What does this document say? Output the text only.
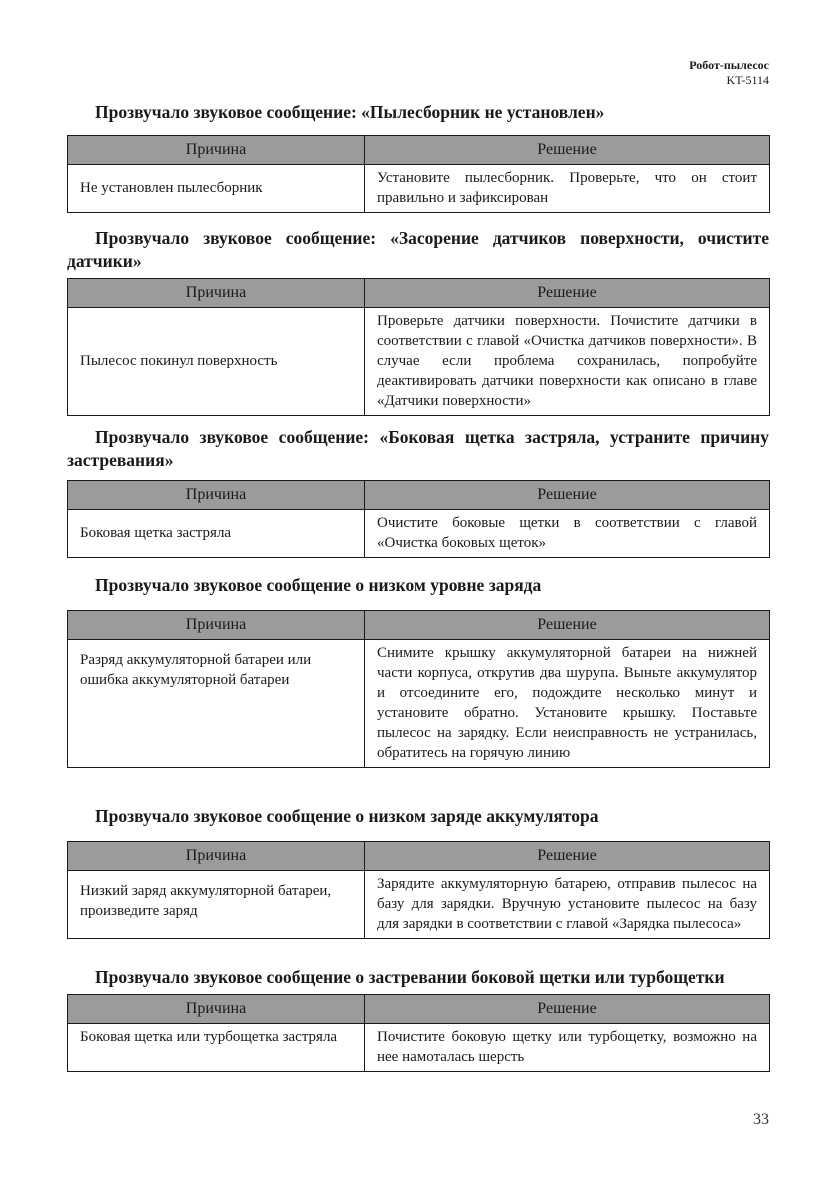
Робот-пылесос
KT-5114

Прозвучало звуковое сообщение: «Пылесборник не установлен»

Причина	Решение
Не установлен пылесборник	Установите пылесборник. Проверьте, что он стоит правильно и зафиксирован

Прозвучало звуковое сообщение: «Засорение датчиков поверхности, очистите датчики»

Причина	Решение
Пылесос покинул поверхность	Проверьте датчики поверхности. Почистите датчики в соответствии с главой «Очистка датчиков поверхности». В случае если проблема сохранилась, попробуйте деактивировать датчики поверхности как описано в главе «Датчики поверхности»

Прозвучало звуковое сообщение: «Боковая щетка застряла, устраните причину застревания»

Причина	Решение
Боковая щетка застряла	Очистите боковые щетки в соответствии с главой «Очистка боковых щеток»

Прозвучало звуковое сообщение о низком уровне заряда

Причина	Решение
Разряд аккумуляторной батареи или ошибка аккумуляторной батареи	Снимите крышку аккумуляторной батареи на нижней части корпуса, открутив два шурупа. Выньте аккумулятор и отсоедините его, подождите несколько минут и установите обратно. Установите крышку. Поставьте пылесос на зарядку. Если неисправность не устранилась, обратитесь на горячую линию

Прозвучало звуковое сообщение о низком заряде аккумулятора

Причина	Решение
Низкий заряд аккумуляторной батареи, произведите заряд	Зарядите аккумуляторную батарею, отправив пылесос на базу для зарядки. Вручную установите пылесос на базу для зарядки в соответствии с главой «Зарядка пылесоса»

Прозвучало звуковое сообщение о застревании боковой щетки или турбощетки

Причина	Решение
Боковая щетка или турбощетка застряла	Почистите боковую щетку или турбощетку, возможно на нее намоталась шерсть
33
